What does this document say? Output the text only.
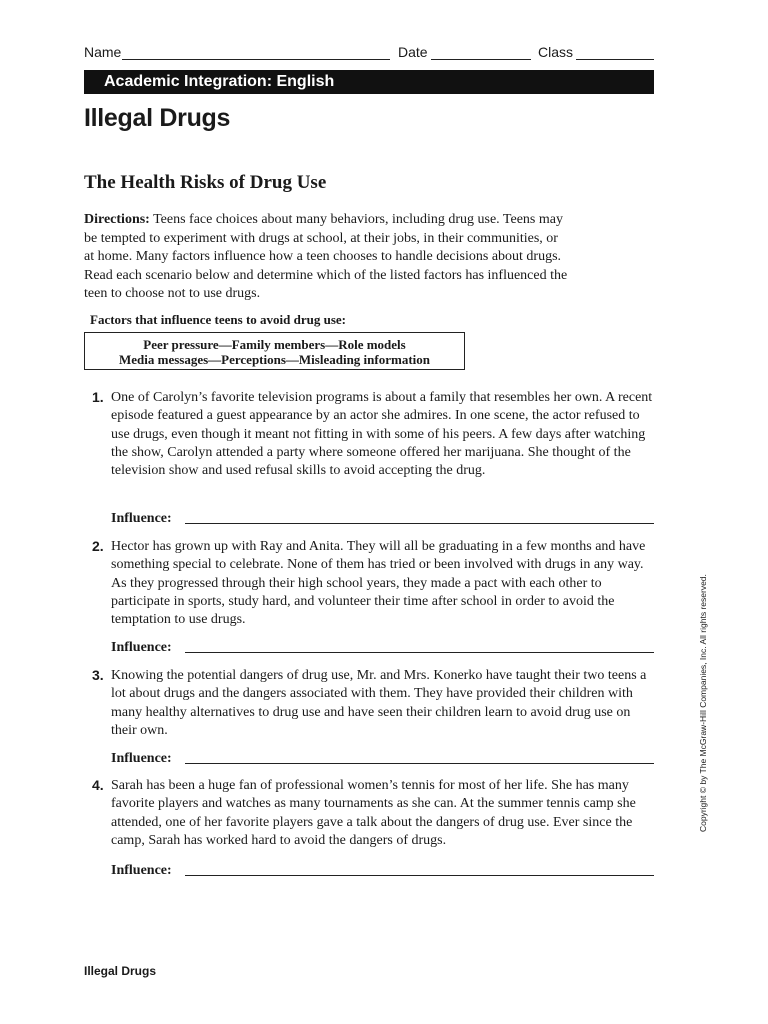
Name	Date	Class
Academic Integration: English
Illegal Drugs
The Health Risks of Drug Use

Directions: Teens face choices about many behaviors, including drug use. Teens may be tempted to experiment with drugs at school, at their jobs, in their communities, or at home. Many factors influence how a teen chooses to handle decisions about drugs. Read each scenario below and determine which of the listed factors has influenced the teen to choose not to use drugs.

Factors that influence teens to avoid drug use:
Peer pressure—Family members—Role models
Media messages—Perceptions—Misleading information
1. One of Carolyn’s favorite television programs is about a family that resembles her own. A recent episode featured a guest appearance by an actor she admires. In one scene, the actor refused to use drugs, even though it meant not fitting in with some of his peers. A few days after watching the show, Carolyn attended a party where someone offered her marijuana. She thought of the television show and used refusal skills to avoid accepting the drug.

Influence:
2. Hector has grown up with Ray and Anita. They will all be graduating in a few months and have something special to celebrate. None of them has tried or been involved with drugs in any way. As they progressed through their high school years, they made a pact with each other to participate in sports, study hard, and volunteer their time after school in order to avoid the temptation to use drugs.

Influence:
3. Knowing the potential dangers of drug use, Mr. and Mrs. Konerko have taught their two teens a lot about drugs and the dangers associated with them. They have provided their children with many healthy alternatives to drug use and have seen their children learn to avoid drug use on their own.

Influence:
4. Sarah has been a huge fan of professional women’s tennis for most of her life. She has many favorite players and watches as many tournaments as she can. At the summer tennis camp she attended, one of her favorite players gave a talk about the dangers of drug use. Ever since the camp, Sarah has worked hard to avoid the dangers of drugs.

Influence:
Illegal Drugs
Copyright © by The McGraw-Hill Companies, Inc. All rights reserved.
